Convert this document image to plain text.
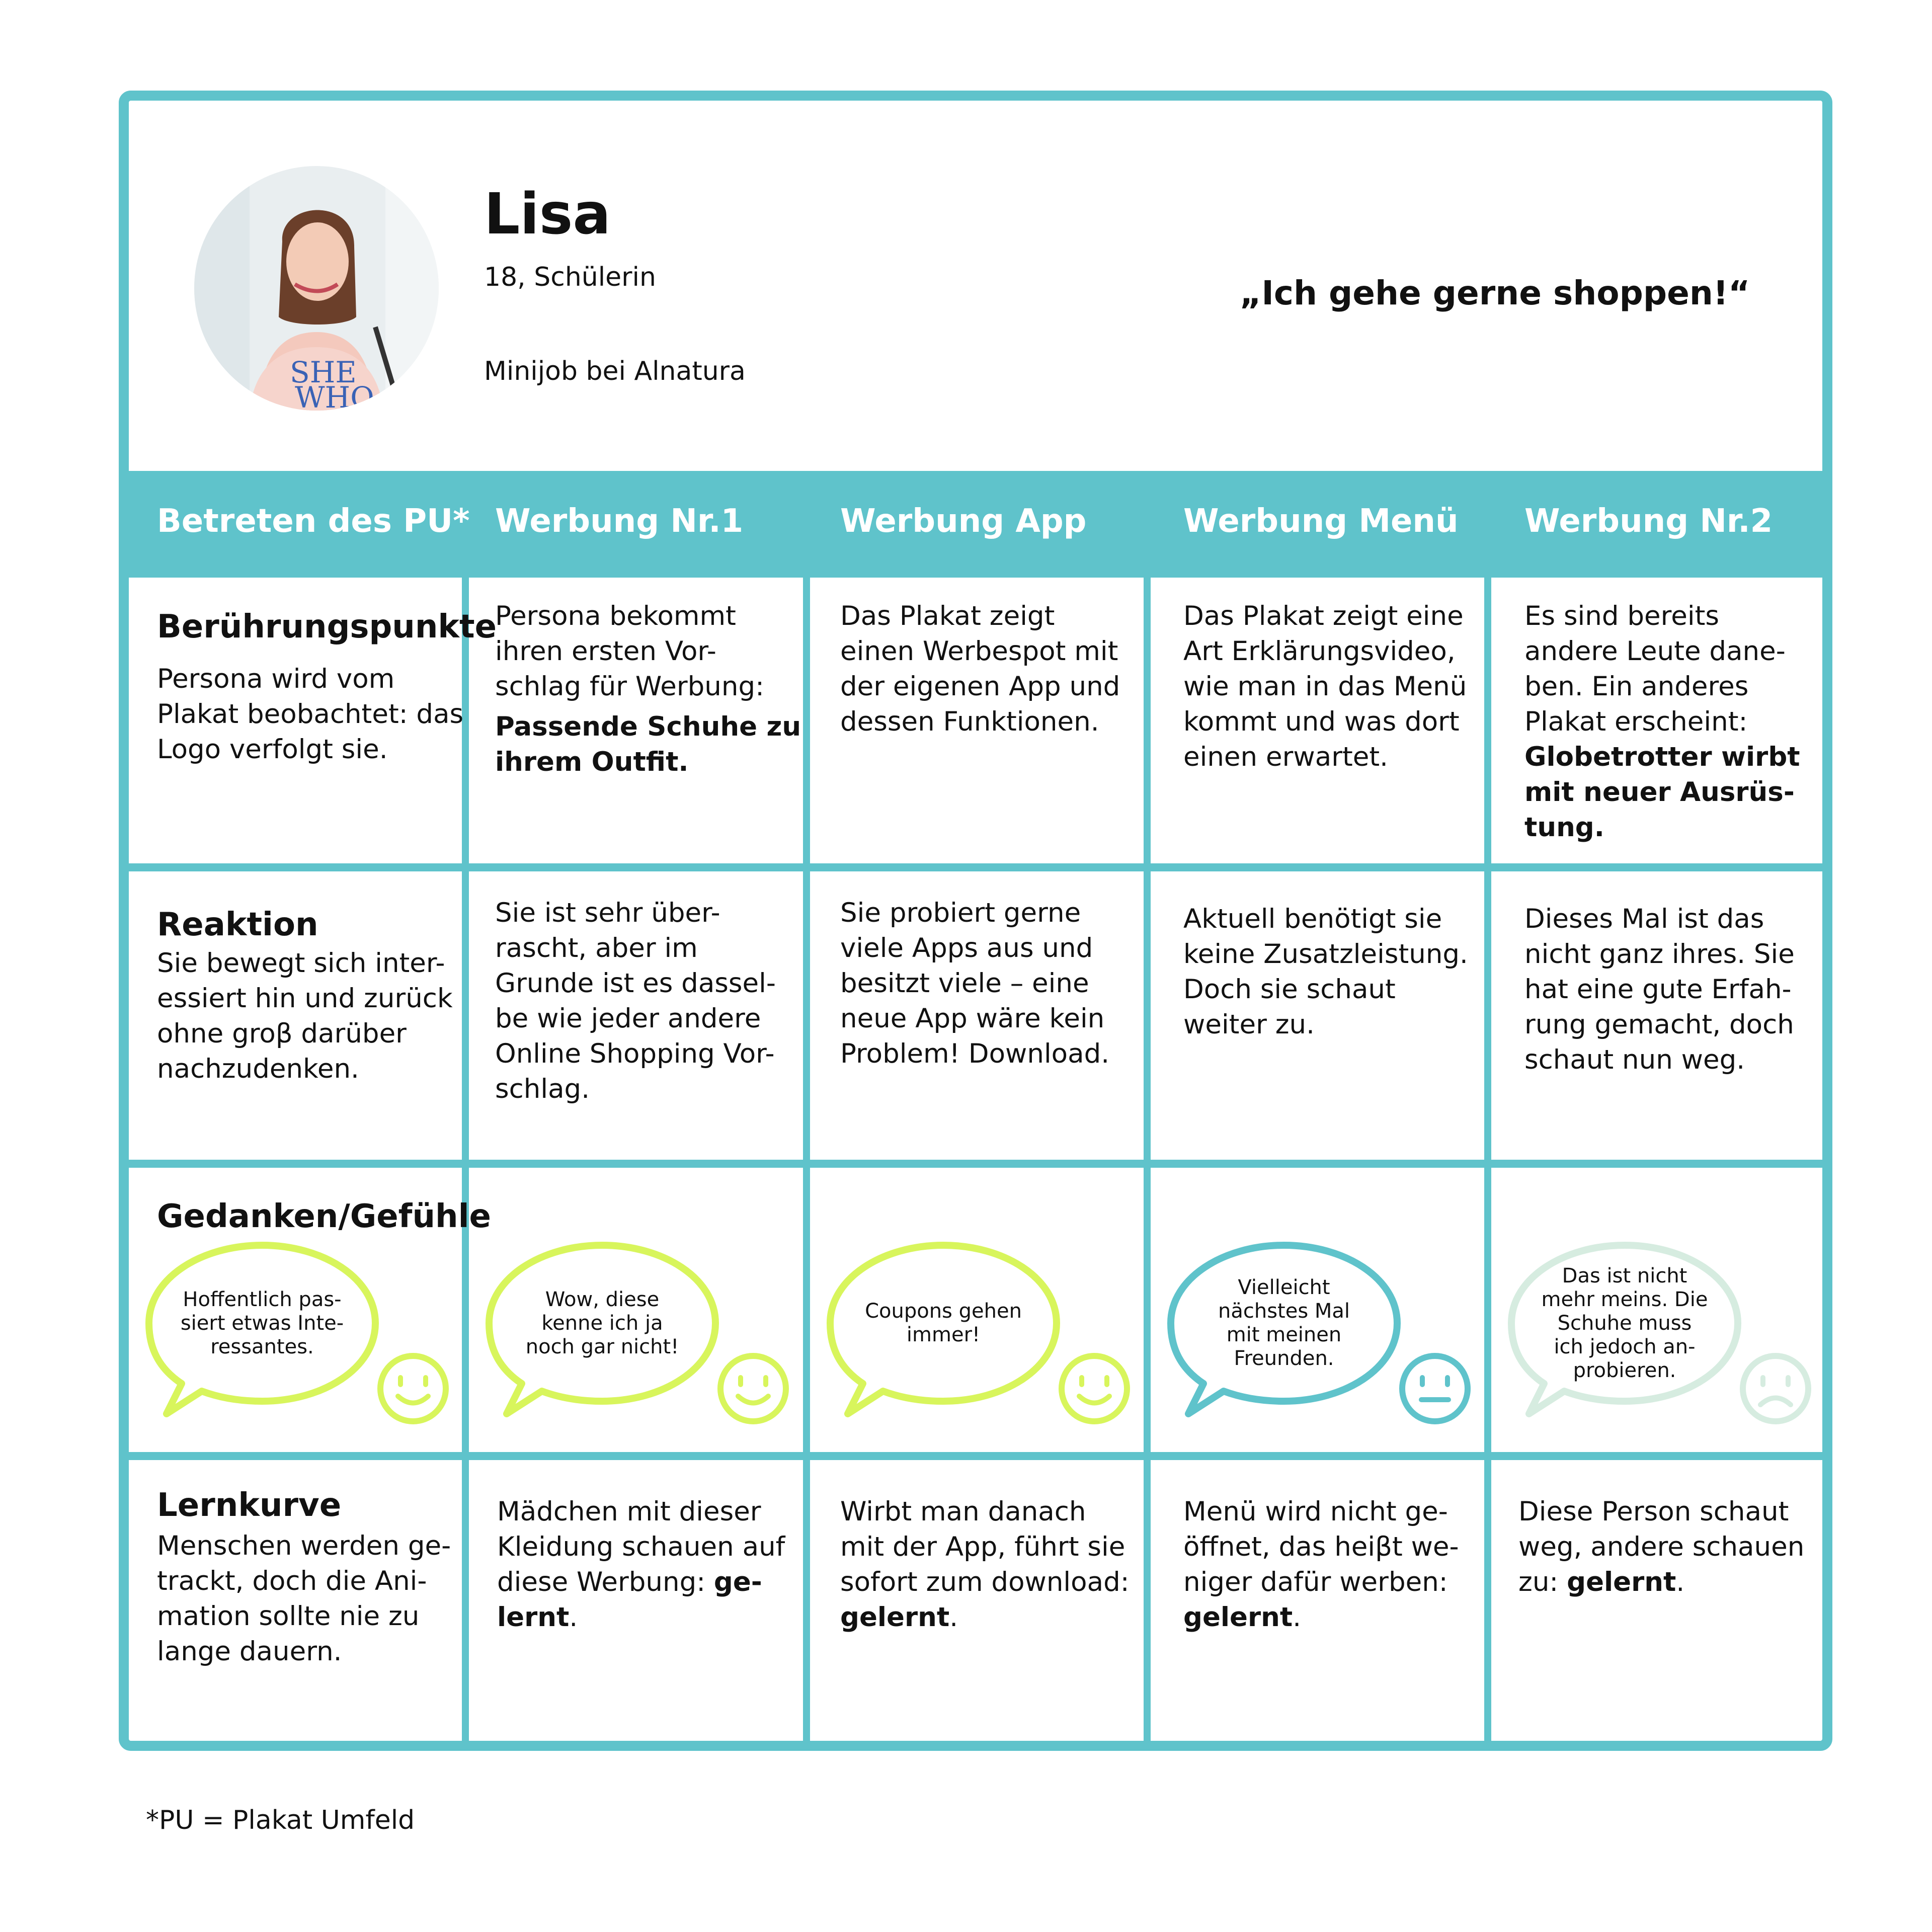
SHE
WHO
Lisa
18, Schülerin
Minijob bei Alnatura
„Ich gehe gerne shoppen!“
Betreten des PU* Werbung Nr.1	Werbung App	Werbung Menü Werbung Nr.2
Berührungspunkte
Persona wird vom
Plakat beobachtet: das
Logo verfolgt sie.
Persona bekommt
ihren ersten Vor-
schlag für Werbung:
Passende Schuhe zu
ihrem Outfit.
Das Plakat zeigt
einen Werbespot mit
der eigenen App und
dessen Funktionen.
Das Plakat zeigt eine
Art Erklärungsvideo,
wie man in das Menü
kommt und was dort
einen erwartet.
Es sind bereits
andere Leute dane-
ben. Ein anderes
Plakat erscheint:
Globetrotter wirbt
mit neuer Ausrüs-
tung.
Reaktion
Sie bewegt sich inter-
essiert hin und zurück
ohne groβ darüber
nachzudenken.
Sie ist sehr über-
rascht, aber im
Grunde ist es dassel-
be wie jeder andere
Online Shopping Vor-
schlag.
Sie probiert gerne
viele Apps aus und
besitzt viele – eine
neue App wäre kein
Problem! Download.
Aktuell benötigt sie
keine Zusatzleistung.
Doch sie schaut
weiter zu.
Dieses Mal ist das
nicht ganz ihres. Sie
hat eine gute Erfah-
rung gemacht, doch
schaut nun weg.
Gedanken/Gefühle
Hoffentlich pas-
siert etwas Inte-
ressantes.
Wow, diese
kenne ich ja
noch gar nicht!
Coupons gehen
immer!
Vielleicht
nächstes Mal
mit meinen
Freunden.
Das ist nicht
mehr meins. Die
Schuhe muss
ich jedoch an-
probieren.
Lernkurve
Menschen werden ge-
trackt, doch die Ani-
mation sollte nie zu
lange dauern.
Mädchen mit dieser
Kleidung schauen auf
diese Werbung: ge-
lernt.
Wirbt man danach
mit der App, führt sie
sofort zum download:
gelernt.
Menü wird nicht ge-
öffnet, das heiβt we-
niger dafür werben:
gelernt.
Diese Person schaut
weg, andere schauen
zu: gelernt.
*PU = Plakat Umfeld
